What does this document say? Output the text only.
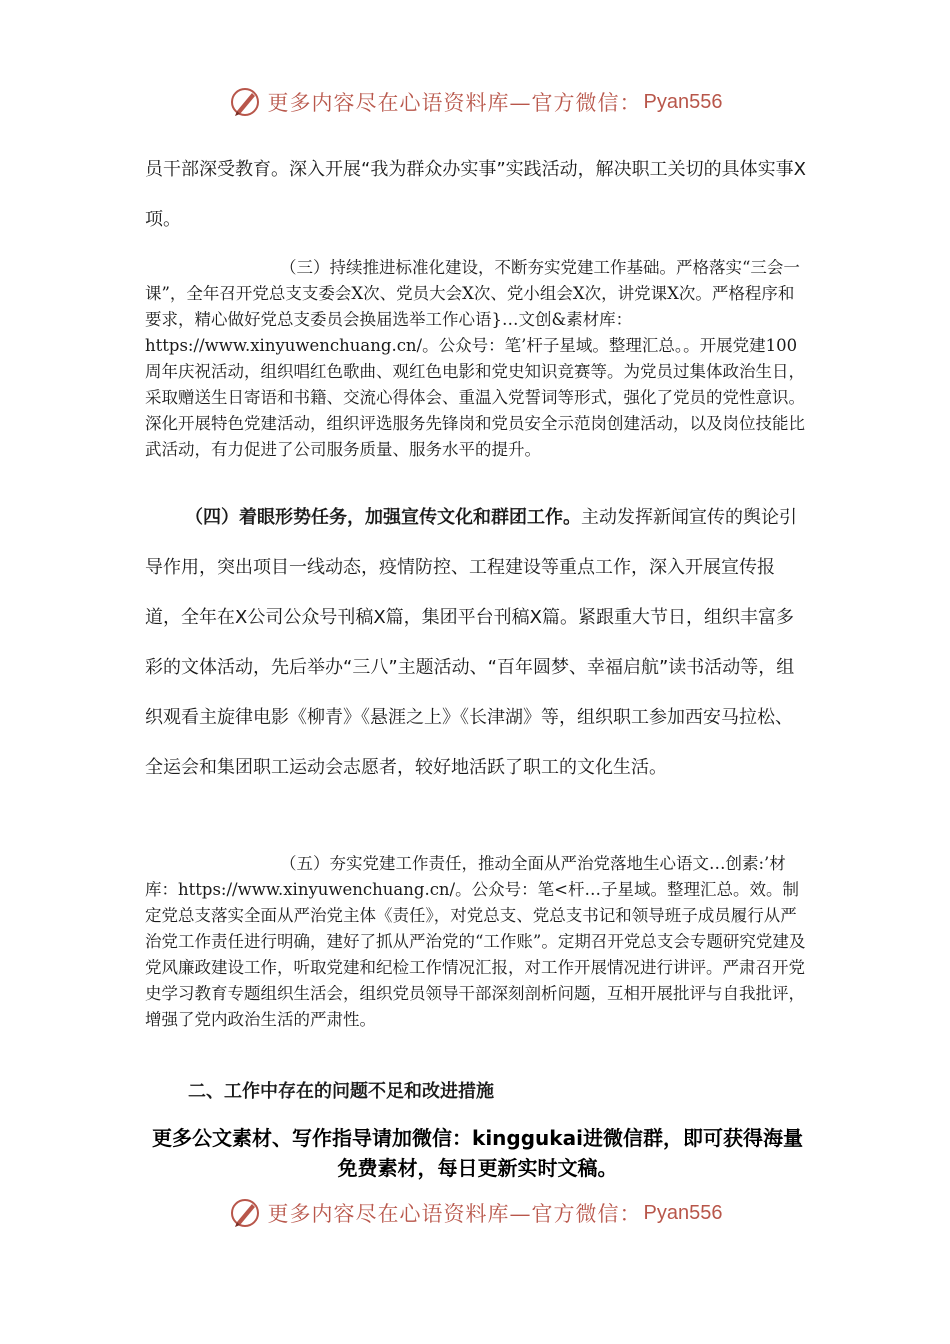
更多内容尽在心语资料库—官方微信： Pyan556

员干部深受教育。深入开展“我为群众办实事”实践活动，解决职工关切的具体实事X项。

（三）持续推进标准化建设，不断夯实党建工作基础。严格落实“三会一课”，全年召开党总支支委会X次、党员大会X次、党小组会X次，讲党课X次。严格程序和要求，精心做好党总支委员会换届选举工作心语}…文创&素材库：https://www.xinyuwenchuang.cn/。公众号：笔’杆子星域。整理汇总。。开展党建100周年庆祝活动，组织唱红色歌曲、观红色电影和党史知识竞赛等。为党员过集体政治生日，采取赠送生日寄语和书籍、交流心得体会、重温入党誓词等形式，强化了党员的党性意识。深化开展特色党建活动，组织评选服务先锋岗和党员安全示范岗创建活动，以及岗位技能比武活动，有力促进了公司服务质量、服务水平的提升。

（四）着眼形势任务，加强宣传文化和群团工作。主动发挥新闻宣传的舆论引导作用，突出项目一线动态，疫情防控、工程建设等重点工作，深入开展宣传报道，全年在X公司公众号刊稿X篇，集团平台刊稿X篇。紧跟重大节日，组织丰富多彩的文体活动，先后举办“三八”主题活动、“百年圆梦、幸福启航”读书活动等，组织观看主旋律电影《柳青》《悬涯之上》《长津湖》等，组织职工参加西安马拉松、全运会和集团职工运动会志愿者，较好地活跃了职工的文化生活。

（五）夯实党建工作责任，推动全面从严治党落地生心语文…创素:’材库：https://www.xinyuwenchuang.cn/。公众号：笔<杆…子星域。整理汇总。效。制定党总支落实全面从严治党主体《责任》，对党总支、党总支书记和领导班子成员履行从严治党工作责任进行明确，建好了抓从严治党的“工作账”。定期召开党总支会专题研究党建及党风廉政建设工作，听取党建和纪检工作情况汇报，对工作开展情况进行讲评。严肃召开党史学习教育专题组织生活会，组织党员领导干部深刻剖析问题，互相开展批评与自我批评，增强了党内政治生活的严肃性。

二、工作中存在的问题不足和改进措施
更多公文素材、写作指导请加微信：kinggukai进微信群，即可获得海量免费素材，每日更新实时文稿。
更多内容尽在心语资料库—官方微信： Pyan556
